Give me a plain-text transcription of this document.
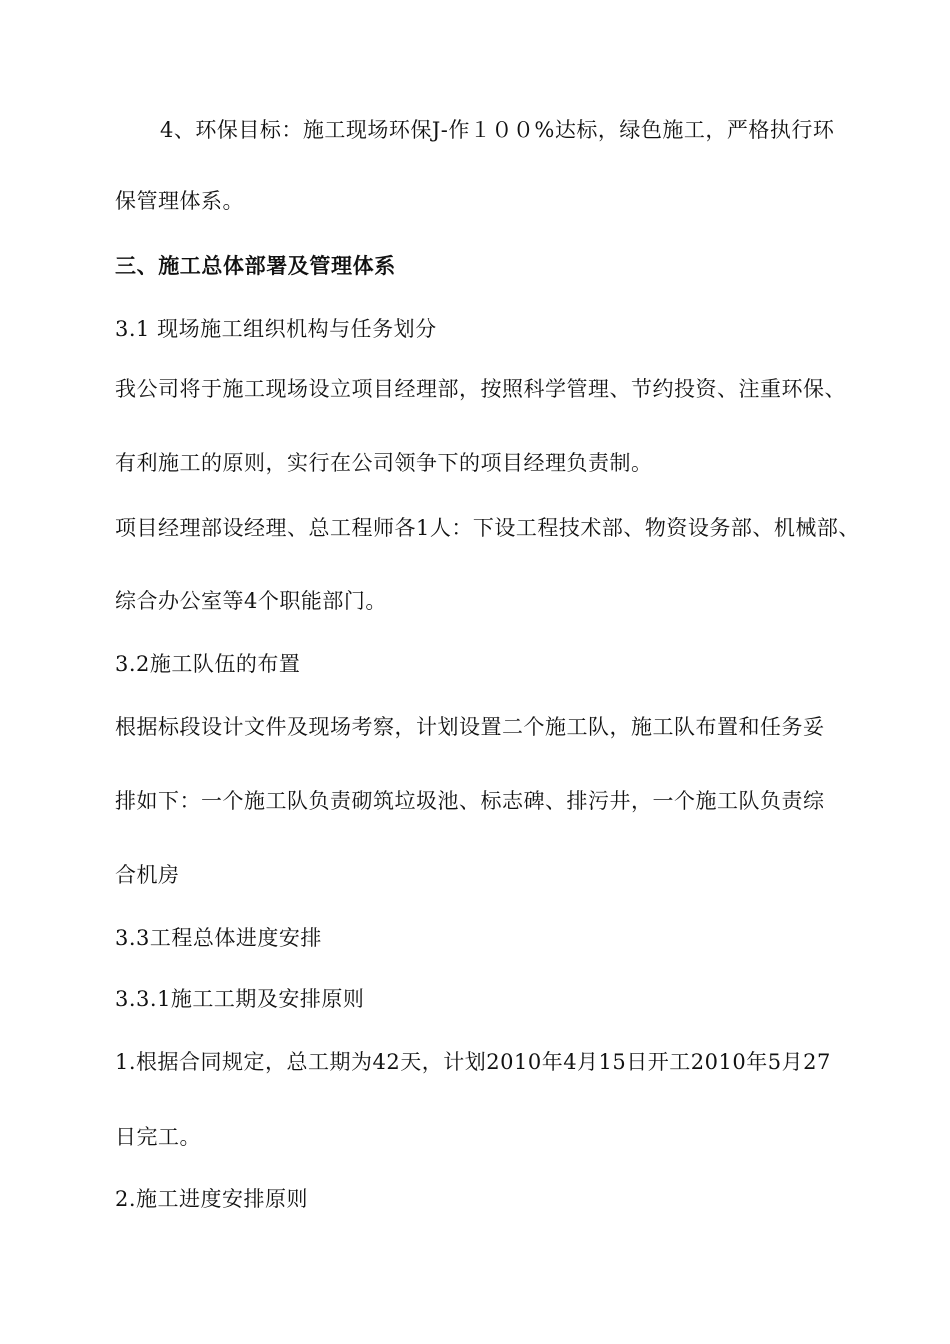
4、环保目标：施工现场环保J-作１００%达标，绿色施工，严格执行环
保管理体系。
三、施工总体部署及管理体系
3.1 现场施工组织机构与任务划分
我公司将于施工现场设立项目经理部，按照科学管理、节约投资、注重环保、
有利施工的原则，实行在公司领争下的项目经理负责制。
项目经理部设经理、总工程师各1人：下设工程技术部、物资设务部、机械部、
综合办公室等4个职能部门。
3.2施工队伍的布置
根据标段设计文件及现场考察，计划设置二个施工队，施工队布置和任务妥
排如下：一个施工队负责砌筑垃圾池、标志碑、排污井，一个施工队负责综
合机房
3.3工程总体进度安排
3.3.1施工工期及安排原则
1.根据合同规定，总工期为42天，计划2010年4月15日开工2010年5月27
日完工。
2.施工进度安排原则
